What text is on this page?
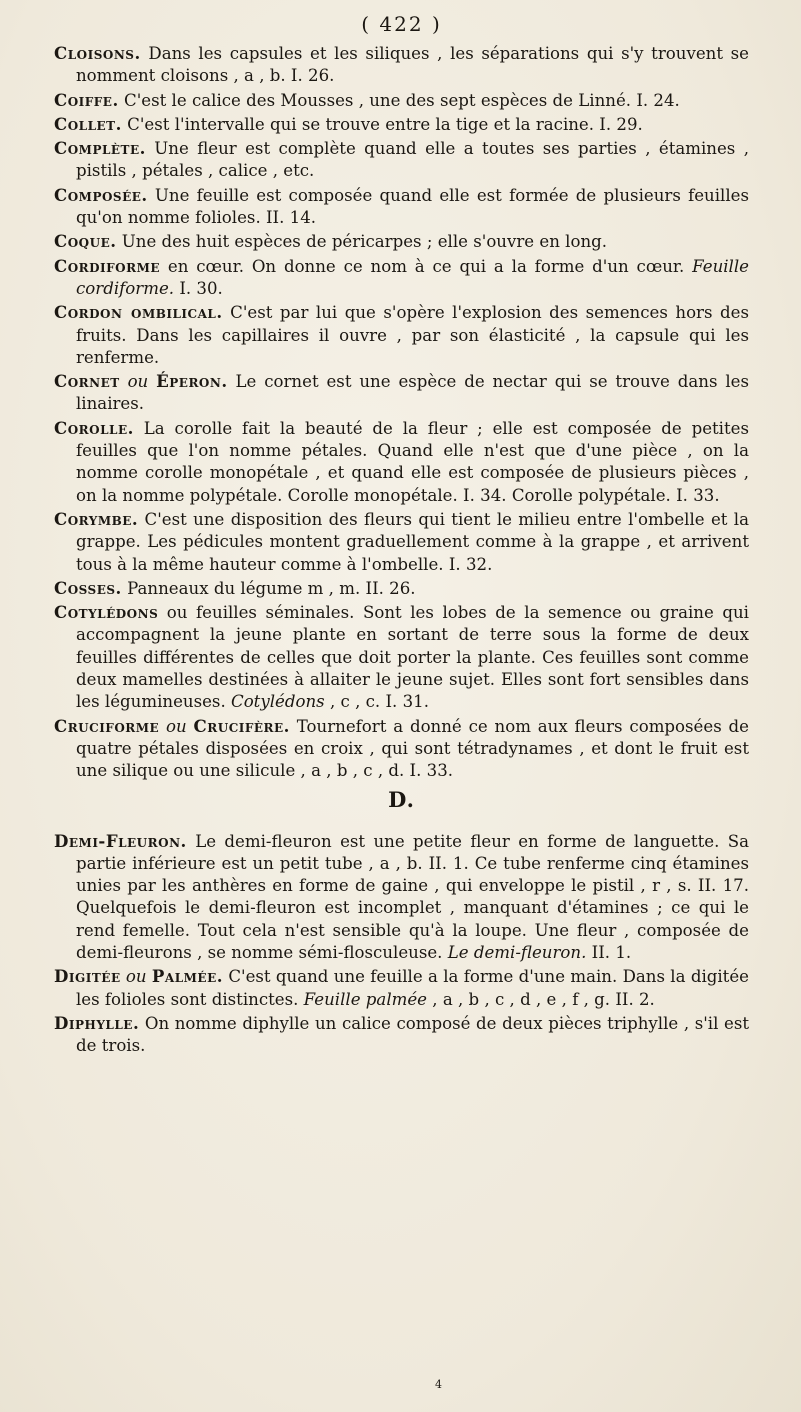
( 422 )

Cloisons. Dans les capsules et les siliques , les séparations qui s'y trouvent se nomment cloisons , a , b. I. 26.

Coiffe. C'est le calice des Mousses , une des sept espèces de Linné. I. 24.

Collet. C'est l'intervalle qui se trouve entre la tige et la racine. I. 29.

Complète. Une fleur est complète quand elle a toutes ses parties , étamines , pistils , pétales , calice , etc.

Composée. Une feuille est composée quand elle est formée de plusieurs feuilles qu'on nomme folioles. II. 14.

Coque. Une des huit espèces de péricarpes ; elle s'ouvre en long.

Cordiforme en cœur. On donne ce nom à ce qui a la forme d'un cœur. Feuille cordiforme. I. 30.

Cordon ombilical. C'est par lui que s'opère l'explosion des semences hors des fruits. Dans les capillaires il ouvre , par son élasticité , la capsule qui les renferme.

Cornet ou Éperon. Le cornet est une espèce de nectar qui se trouve dans les linaires.

Corolle. La corolle fait la beauté de la fleur ; elle est composée de petites feuilles que l'on nomme pétales. Quand elle n'est que d'une pièce , on la nomme corolle monopétale , et quand elle est composée de plusieurs pièces , on la nomme polypétale. Corolle monopétale. I. 34. Corolle polypétale. I. 33.

Corymbe. C'est une disposition des fleurs qui tient le milieu entre l'ombelle et la grappe. Les pédicules montent graduellement comme à la grappe , et arrivent tous à la même hauteur comme à l'ombelle. I. 32.

Cosses. Panneaux du légume m , m. II. 26.

Cotylédons ou feuilles séminales. Sont les lobes de la semence ou graine qui accompagnent la jeune plante en sortant de terre sous la forme de deux feuilles différentes de celles que doit porter la plante. Ces feuilles sont comme deux mamelles destinées à allaiter le jeune sujet. Elles sont fort sensibles dans les légumineuses. Cotylédons , c , c. I. 31.

Cruciforme ou Crucifère. Tournefort a donné ce nom aux fleurs composées de quatre pétales disposées en croix , qui sont tétradynames , et dont le fruit est une silique ou une silicule , a , b , c , d. I. 33.

D.

Demi-Fleuron. Le demi-fleuron est une petite fleur en forme de languette. Sa partie inférieure est un petit tube , a , b. II. 1. Ce tube renferme cinq étamines unies par les anthères en forme de gaine , qui enveloppe le pistil , r , s. II. 17. Quelquefois le demi-fleuron est incomplet , manquant d'étamines ; ce qui le rend femelle. Tout cela n'est sensible qu'à la loupe. Une fleur , composée de demi-fleurons , se nomme sémi-flosculeuse. Le demi-fleuron. II. 1.

Digitée ou Palmée. C'est quand une feuille a la forme d'une main. Dans la digitée les folioles sont distinctes. Feuille palmée , a , b , c , d , e , f , g. II. 2.

Diphylle. On nomme diphylle un calice composé de deux pièces triphylle , s'il est de trois.

4
